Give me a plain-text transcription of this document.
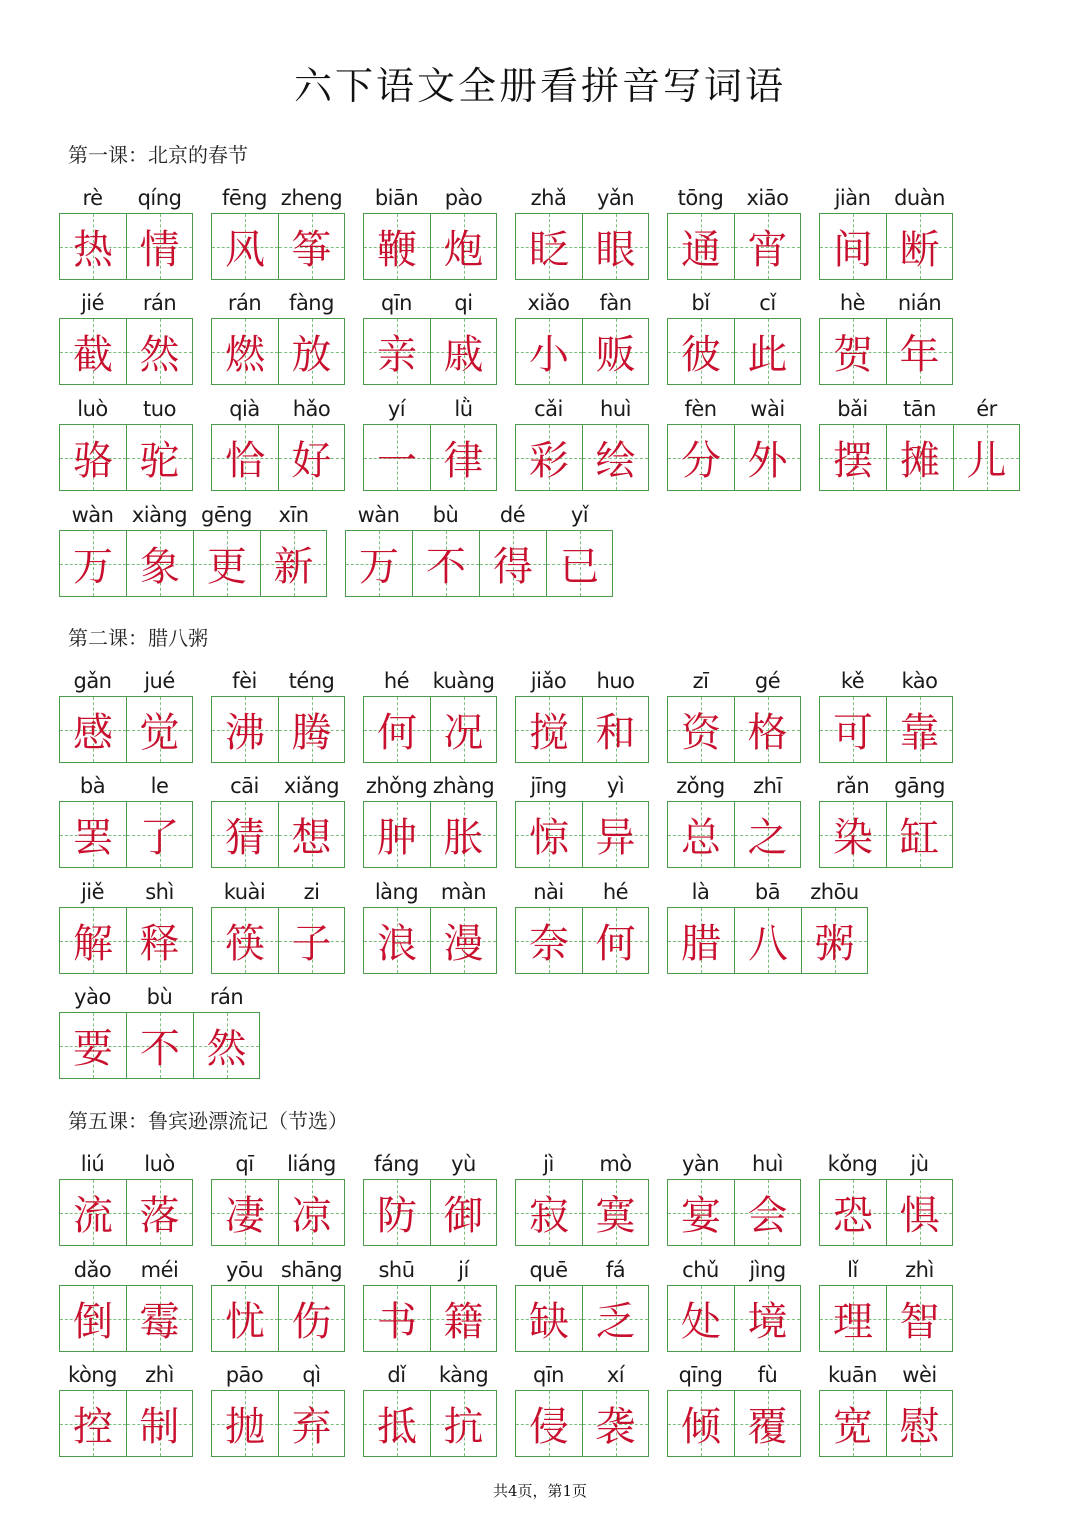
六下语文全册看拼音写词语
第一课：北京的春节
第二课：腊八粥
第五课：鲁宾逊漂流记（节选）
rè
热
qíng
情
fēng
风
zheng
筝
biān
鞭
pào
炮
zhǎ
眨
yǎn
眼
tōng
通
xiāo
宵
jiàn
间
duàn
断
jié
截
rán
然
rán
燃
fàng
放
qīn
亲
qi
戚
xiǎo
小
fàn
贩
bǐ
彼
cǐ
此
hè
贺
nián
年
luò
骆
tuo
驼
qià
恰
hǎo
好
yí
一
lǜ
律
cǎi
彩
huì
绘
fèn
分
wài
外
bǎi
摆
tān
摊
ér
儿
wàn
万
xiàng
象
gēng
更
xīn
新
wàn
万
bù
不
dé
得
yǐ
已
gǎn
感
jué
觉
fèi
沸
téng
腾
hé
何
kuàng
况
jiǎo
搅
huo
和
zī
资
gé
格
kě
可
kào
靠
bà
罢
le
了
cāi
猜
xiǎng
想
zhǒng
肿
zhàng
胀
jīng
惊
yì
异
zǒng
总
zhī
之
rǎn
染
gāng
缸
jiě
解
shì
释
kuài
筷
zi
子
làng
浪
màn
漫
nài
奈
hé
何
là
腊
bā
八
zhōu
粥
yào
要
bù
不
rán
然
liú
流
luò
落
qī
凄
liáng
凉
fáng
防
yù
御
jì
寂
mò
寞
yàn
宴
huì
会
kǒng
恐
jù
惧
dǎo
倒
méi
霉
yōu
忧
shāng
伤
shū
书
jí
籍
quē
缺
fá
乏
chǔ
处
jìng
境
lǐ
理
zhì
智
kòng
控
zhì
制
pāo
抛
qì
弃
dǐ
抵
kàng
抗
qīn
侵
xí
袭
qīng
倾
fù
覆
kuān
宽
wèi
慰
共4页，第1页
